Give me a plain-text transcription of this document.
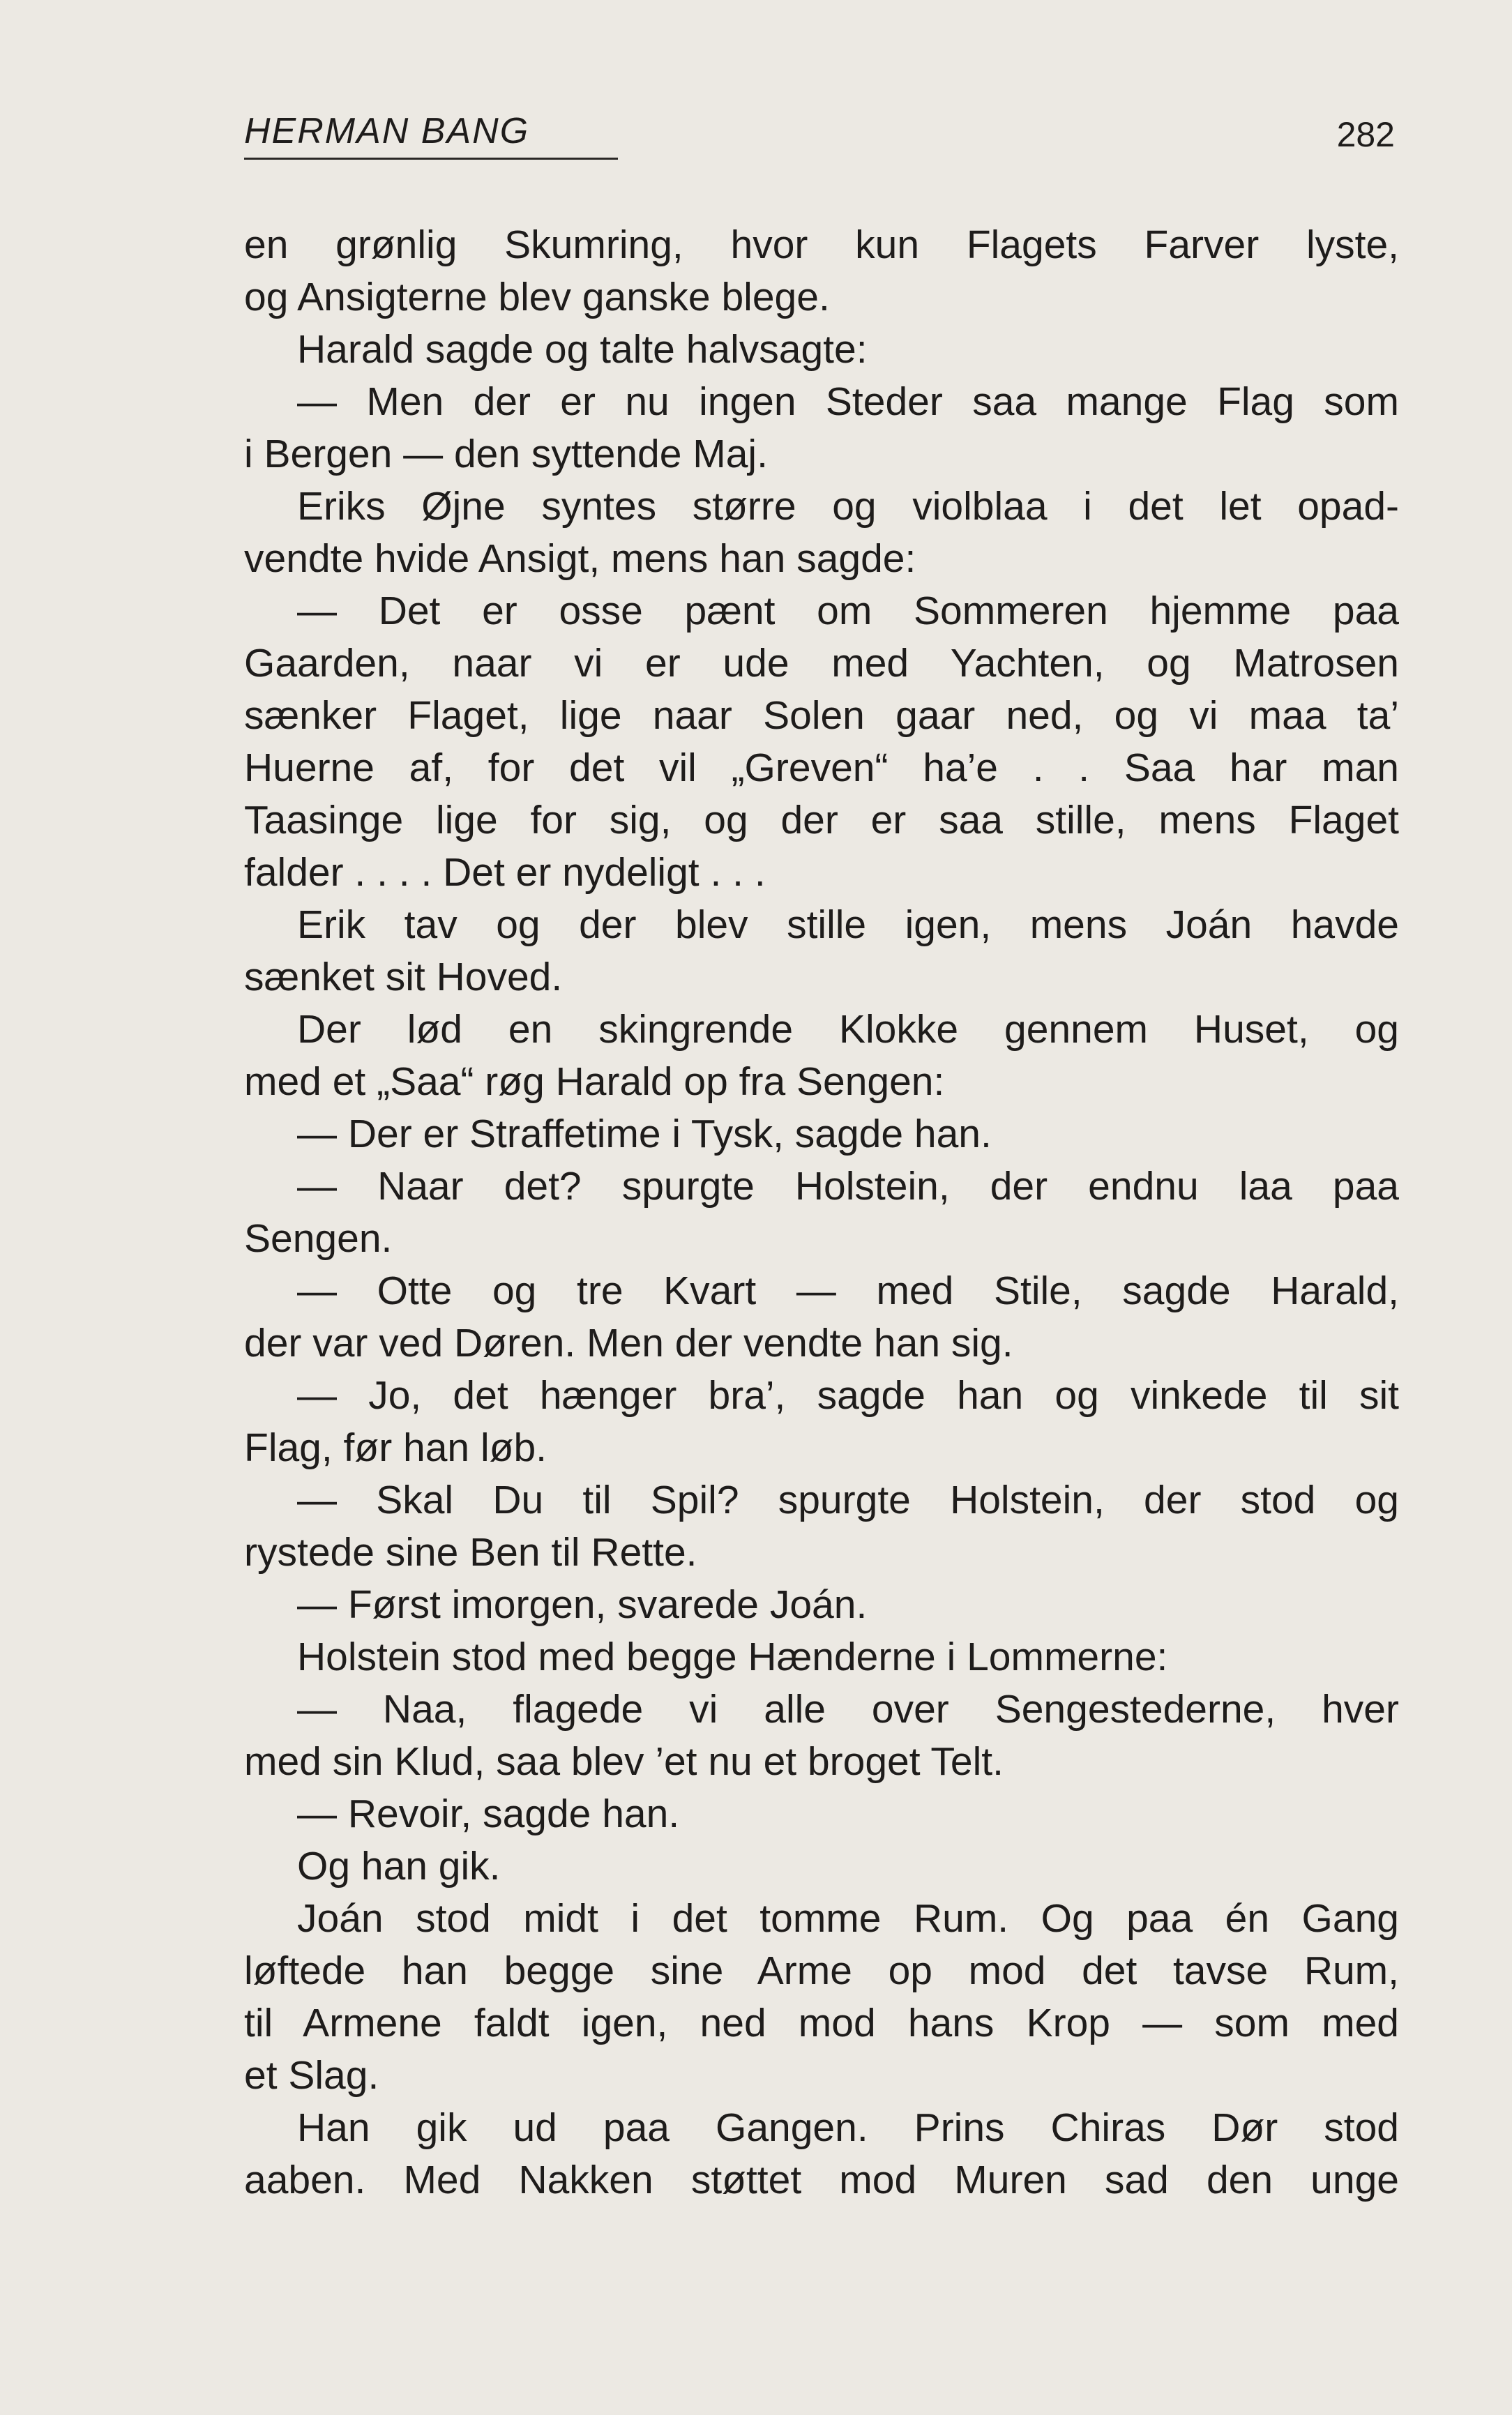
HERMAN BANG	282
en grønlig Skumring, hvor kun Flagets Farver lyste,
og Ansigterne blev ganske blege.
Harald sagde og talte halvsagte:
— Men der er nu ingen Steder saa mange Flag som
i Bergen — den syttende Maj.
Eriks Øjne syntes større og violblaa i det let opad-
vendte hvide Ansigt, mens han sagde:
— Det er osse pænt om Sommeren hjemme paa
Gaarden, naar vi er ude med Yachten, og Matrosen
sænker Flaget, lige naar Solen gaar ned, og vi maa ta’
Huerne af, for det vil „Greven“ ha’e . . Saa har man
Taasinge lige for sig, og der er saa stille, mens Flaget
falder . . . . Det er nydeligt . . .
Erik tav og der blev stille igen, mens Joán havde
sænket sit Hoved.
Der lød en skingrende Klokke gennem Huset, og
med et „Saa“ røg Harald op fra Sengen:
— Der er Straffetime i Tysk, sagde han.
— Naar det? spurgte Holstein, der endnu laa paa
Sengen.
— Otte og tre Kvart — med Stile, sagde Harald,
der var ved Døren. Men der vendte han sig.
— Jo, det hænger bra’, sagde han og vinkede til sit
Flag, før han løb.
— Skal Du til Spil? spurgte Holstein, der stod og
rystede sine Ben til Rette.
— Først imorgen, svarede Joán.
Holstein stod med begge Hænderne i Lommerne:
— Naa, flagede vi alle over Sengestederne, hver
med sin Klud, saa blev ’et nu et broget Telt.
— Revoir, sagde han.
Og han gik.
Joán stod midt i det tomme Rum. Og paa én Gang
løftede han begge sine Arme op mod det tavse Rum,
til Armene faldt igen, ned mod hans Krop — som med
et Slag.
Han gik ud paa Gangen. Prins Chiras Dør stod
aaben. Med Nakken støttet mod Muren sad den unge
